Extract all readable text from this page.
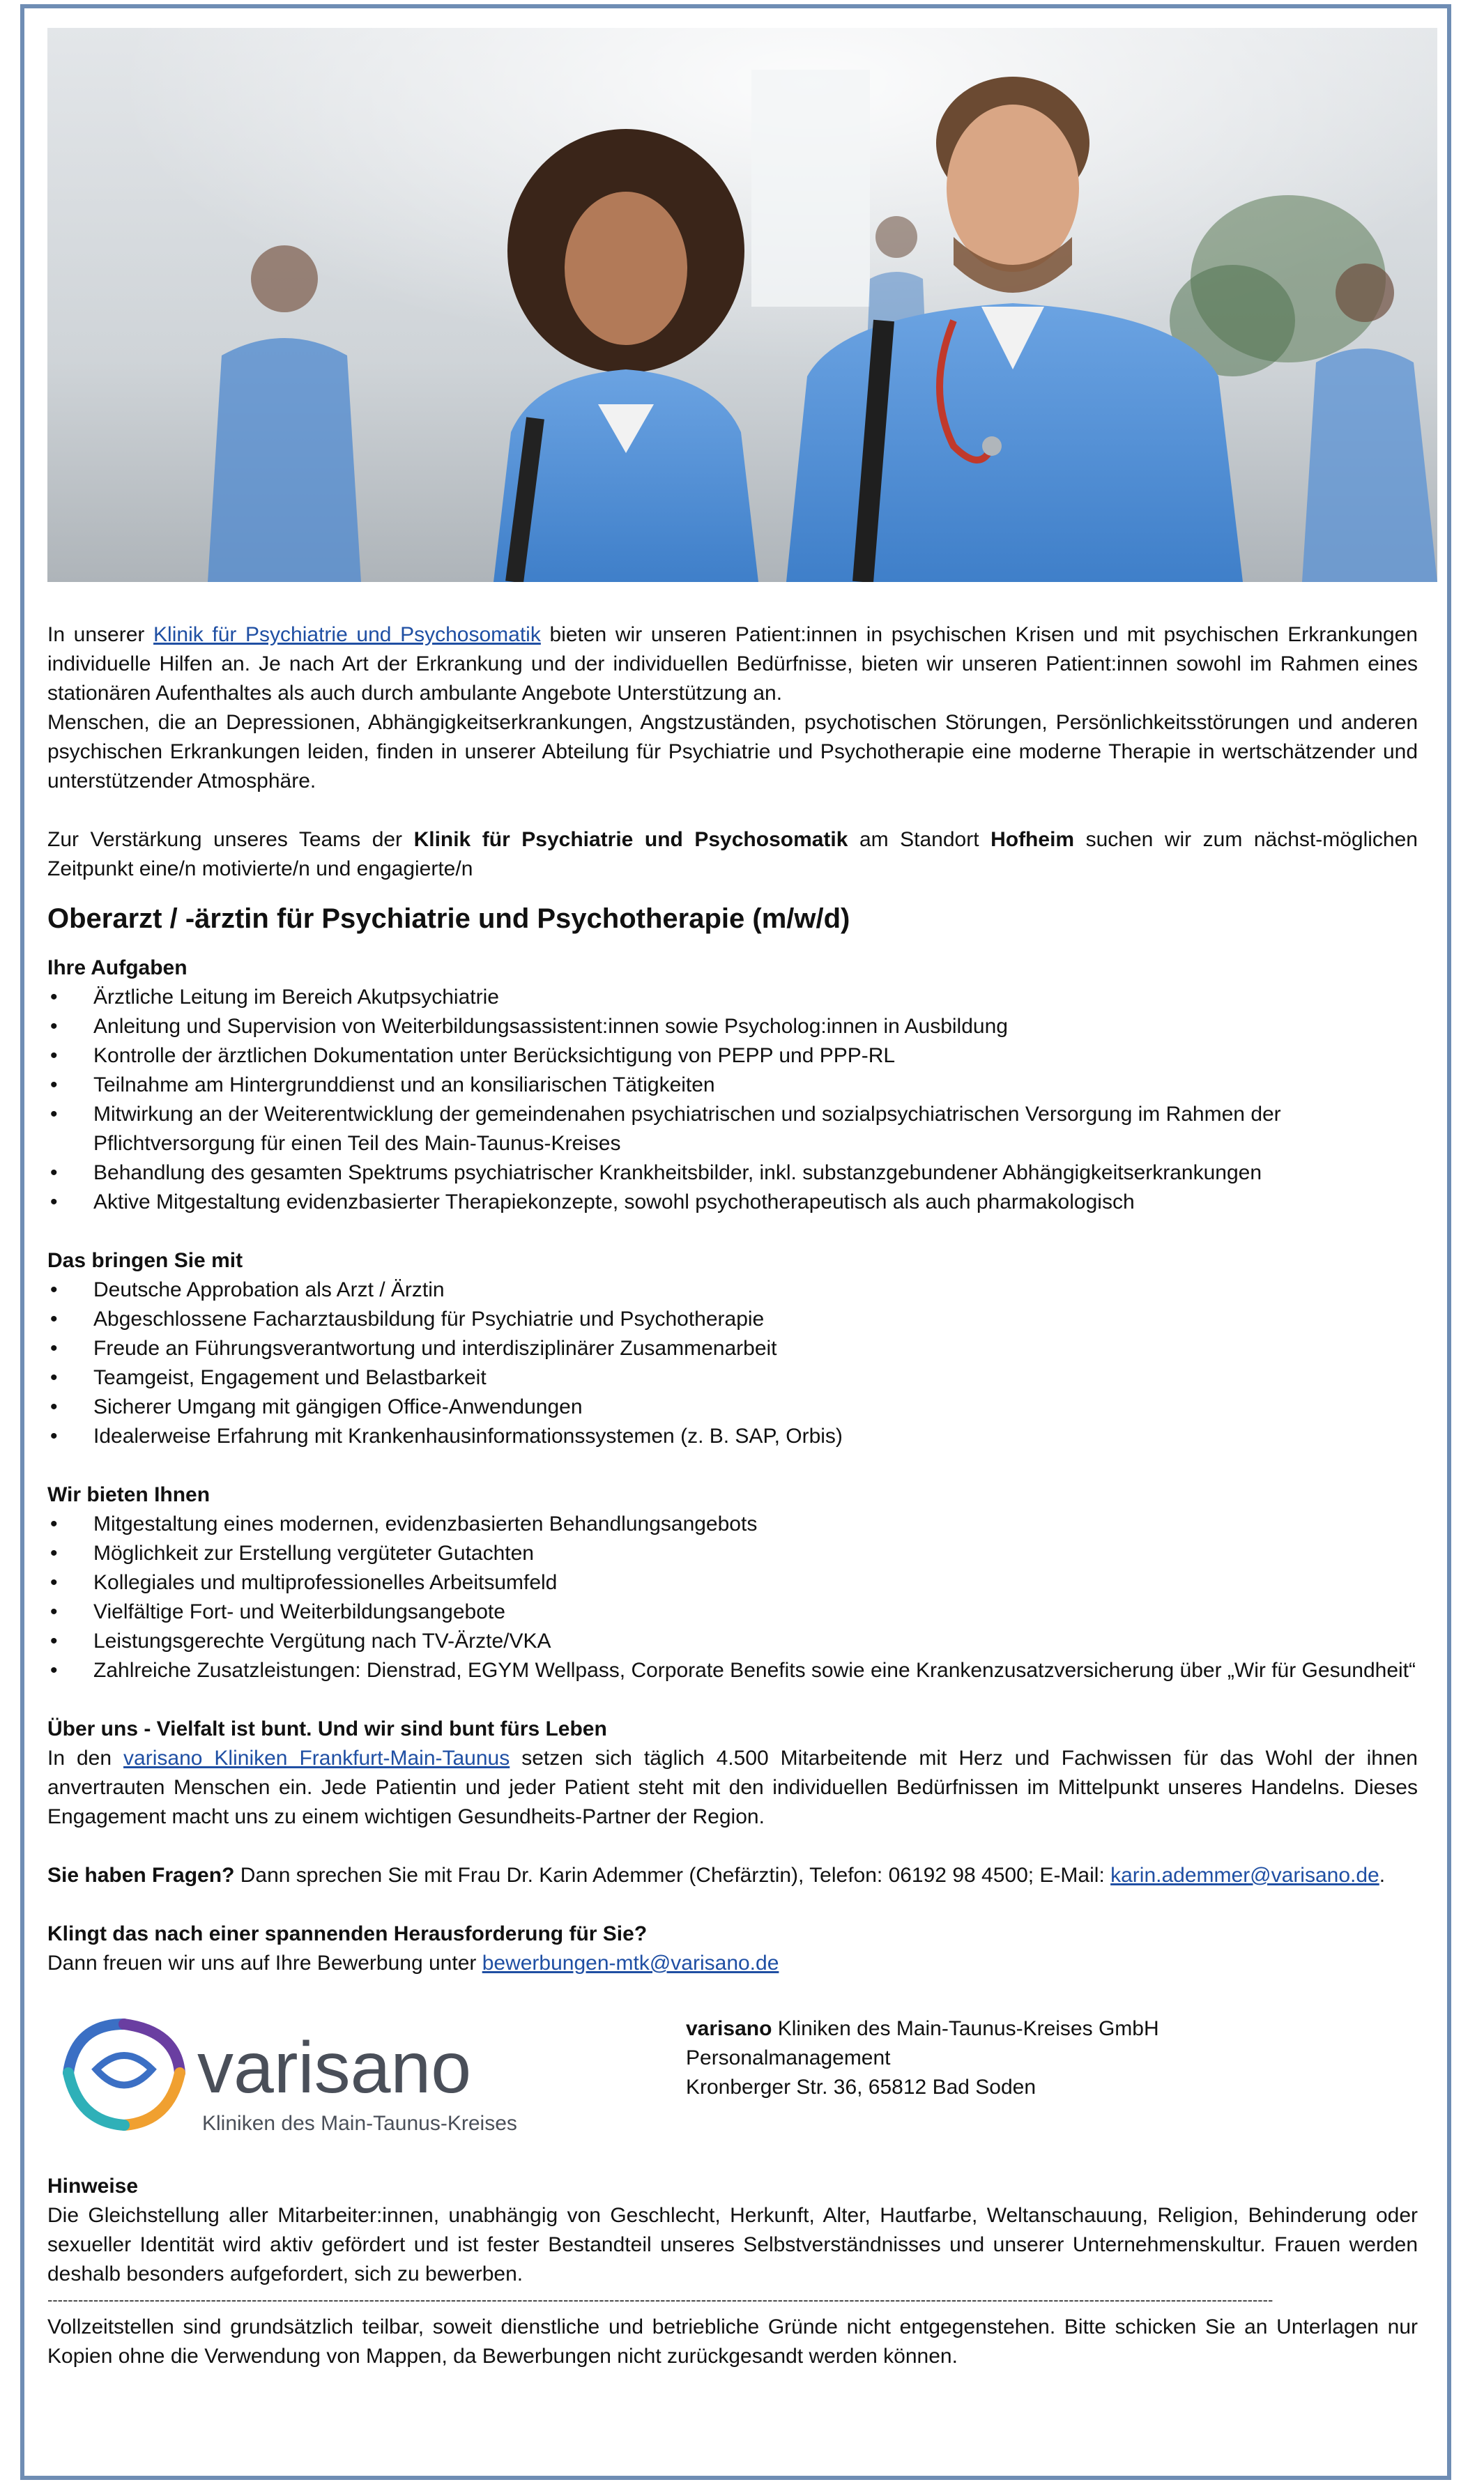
In unserer Klinik für Psychiatrie und Psychosomatik bieten wir unseren Patient:innen in psychischen Krisen und mit psychischen Erkrankungen individuelle Hilfen an. Je nach Art der Erkrankung und der individuellen Bedürfnisse, bieten wir unseren Patient:innen sowohl im Rahmen eines stationären Aufenthaltes als auch durch ambulante Angebote Unterstützung an.

Menschen, die an Depressionen, Abhängigkeitserkrankungen, Angstzuständen, psychotischen Störungen, Persönlichkeitsstörungen und anderen psychischen Erkrankungen leiden, finden in unserer Abteilung für Psychiatrie und Psychotherapie eine moderne Therapie in wertschätzender und unterstützender Atmosphäre.

Zur Verstärkung unseres Teams der Klinik für Psychiatrie und Psychosomatik am Standort Hofheim suchen wir zum nächst-möglichen Zeitpunkt eine/n motivierte/n und engagierte/n

Oberarzt / -ärztin für Psychiatrie und Psychotherapie (m/w/d)
Ihre Aufgaben
• Ärztliche Leitung im Bereich Akutpsychiatrie
• Anleitung und Supervision von Weiterbildungsassistent:innen sowie Psycholog:innen in Ausbildung
• Kontrolle der ärztlichen Dokumentation unter Berücksichtigung von PEPP und PPP-RL
• Teilnahme am Hintergrunddienst und an konsiliarischen Tätigkeiten
• Mitwirkung an der Weiterentwicklung der gemeindenahen psychiatrischen und sozialpsychiatrischen Versorgung im Rahmen der Pflichtversorgung für einen Teil des Main-Taunus-Kreises
• Behandlung des gesamten Spektrums psychiatrischer Krankheitsbilder, inkl. substanzgebundener Abhängigkeitserkrankungen
• Aktive Mitgestaltung evidenzbasierter Therapiekonzepte, sowohl psychotherapeutisch als auch pharmakologisch
Das bringen Sie mit
• Deutsche Approbation als Arzt / Ärztin
• Abgeschlossene Facharztausbildung für Psychiatrie und Psychotherapie
• Freude an Führungsverantwortung und interdisziplinärer Zusammenarbeit
• Teamgeist, Engagement und Belastbarkeit
• Sicherer Umgang mit gängigen Office-Anwendungen
• Idealerweise Erfahrung mit Krankenhausinformationssystemen (z. B. SAP, Orbis)
Wir bieten Ihnen
• Mitgestaltung eines modernen, evidenzbasierten Behandlungsangebots
• Möglichkeit zur Erstellung vergüteter Gutachten
• Kollegiales und multiprofessionelles Arbeitsumfeld
• Vielfältige Fort- und Weiterbildungsangebote
• Leistungsgerechte Vergütung nach TV-Ärzte/VKA
• Zahlreiche Zusatzleistungen: Dienstrad, EGYM Wellpass, Corporate Benefits sowie eine Krankenzusatzversicherung über „Wir für Gesundheit“
Über uns - Vielfalt ist bunt. Und wir sind bunt fürs Leben

In den varisano Kliniken Frankfurt-Main-Taunus setzen sich täglich 4.500 Mitarbeitende mit Herz und Fachwissen für das Wohl der ihnen anvertrauten Menschen ein. Jede Patientin und jeder Patient steht mit den individuellen Bedürfnissen im Mittelpunkt unseres Handelns. Dieses Engagement macht uns zu einem wichtigen Gesundheits-Partner der Region.

Sie haben Fragen? Dann sprechen Sie mit Frau Dr. Karin Ademmer (Chefärztin), Telefon: 06192 98 4500; E-Mail: karin.ademmer@varisano.de.

Klingt das nach einer spannenden Herausforderung für Sie?

Dann freuen wir uns auf Ihre Bewerbung unter bewerbungen-mtk@varisano.de

varisano
Kliniken des Main-Taunus-Kreises

varisano Kliniken des Main-Taunus-Kreises GmbH

Personalmanagement

Kronberger Str. 36, 65812 Bad Soden

Hinweise

Die Gleichstellung aller Mitarbeiter:innen, unabhängig von Geschlecht, Herkunft, Alter, Hautfarbe, Weltanschauung, Religion, Behinderung oder sexueller Identität wird aktiv gefördert und ist fester Bestandteil unseres Selbstverständnisses und unserer Unternehmenskultur. Frauen werden deshalb besonders aufgefordert, sich zu bewerben.

------------------------------------------------------------------------------------------------------------------------------------------------------------------------------------------------------------------------------------------------

Vollzeitstellen sind grundsätzlich teilbar, soweit dienstliche und betriebliche Gründe nicht entgegenstehen. Bitte schicken Sie an Unterlagen nur Kopien ohne die Verwendung von Mappen, da Bewerbungen nicht zurückgesandt werden können.
